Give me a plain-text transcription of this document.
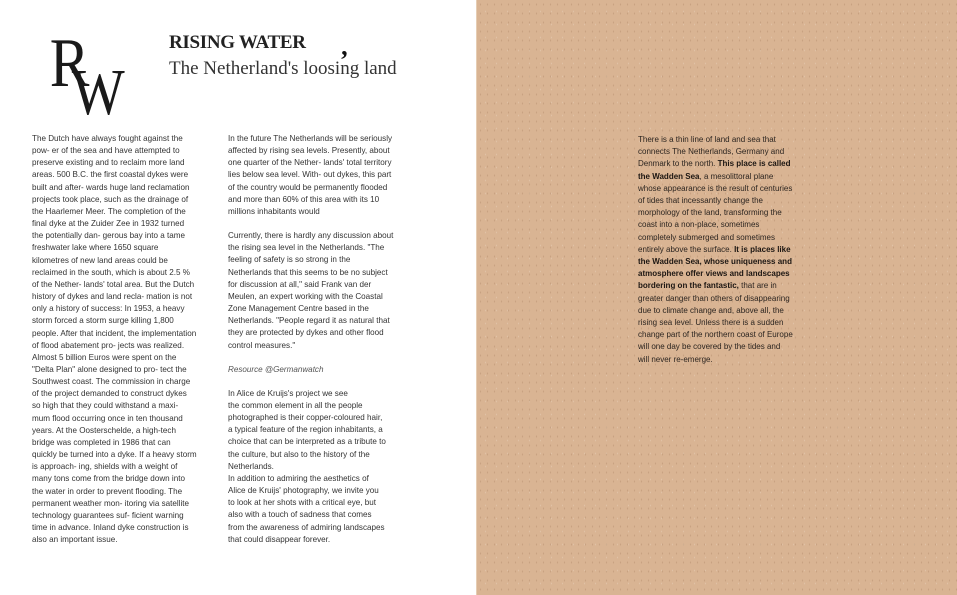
R
W
RISING WATER ‚
The Netherland's loosing land

The Dutch have always fought against the
pow- er of the sea and have attempted to
preserve existing and to reclaim more land
areas. 500 B.C. the first coastal dykes were
built and after- wards huge land reclamation
projects took place, such as the drainage of
the Haarlemer Meer. The completion of the
final dyke at the Zuider Zee in 1932 turned
the potentially dan- gerous bay into a tame
freshwater lake where 1650 square
kilometres of new land areas could be
reclaimed in the south, which is about 2.5 %
of the Nether- lands' total area. But the Dutch
history of dykes and land recla- mation is not
only a history of success: In 1953, a heavy
storm forced a storm surge killing 1,800
people. After that incident, the implementation
of flood abatement pro- jects was realized.
Almost 5 billion Euros were spent on the
"Delta Plan" alone designed to pro- tect the
Southwest coast. The commission in charge
of the project demanded to construct dykes
so high that they could withstand a maxi-
mum flood occurring once in ten thousand
years. At the Oosterschelde, a high-tech
bridge was completed in 1986 that can
quickly be turned into a dyke. If a heavy storm
is approach- ing, shields with a weight of
many tons come from the bridge down into
the water in order to prevent flooding. The
permanent weather mon- itoring via satellite
technology guarantees suf- ficient warning
time in advance. Inland dyke construction is
also an important issue.

In the future The Netherlands will be seriously
affected by rising sea levels. Presently, about
one quarter of the Nether- lands' total territory
lies below sea level. With- out dykes, this part
of the country would be permanently flooded
and more than 60% of this area with its 10
millions inhabitants would

Currently, there is hardly any discussion about
the rising sea level in the Netherlands. "The
feeling of safety is so strong in the
Netherlands that this seems to be no subject
for discussion at all," said Frank van der
Meulen, an expert working with the Coastal
Zone Management Centre based in the
Netherlands. "People regard it as natural that
they are protected by dykes and other flood
control measures."

Resource @Germanwatch

In Alice de Kruijs's project we see
the common element in all the people
photographed is their copper-coloured hair,
a typical feature of the region inhabitants, a
choice that can be interpreted as a tribute to
the culture, but also to the history of the
Netherlands.

In addition to admiring the aesthetics of
Alice de Kruijs' photography, we invite you
to look at her shots with a critical eye, but
also with a touch of sadness that comes
from the awareness of admiring landscapes
that could disappear forever.

There is a thin line of land and sea that
connects The Netherlands, Germany and
Denmark to the north. This place is called
the Wadden Sea, a mesolittoral plane
whose appearance is the result of centuries
of tides that incessantly change the
morphology of the land, transforming the
coast into a non-place, sometimes
completely submerged and sometimes
entirely above the surface. It is places like
the Wadden Sea, whose uniqueness and
atmosphere offer views and landscapes
bordering on the fantastic, that are in
greater danger than others of disappearing
due to climate change and, above all, the
rising sea level. Unless there is a sudden
change part of the northern coast of Europe
will one day be covered by the tides and
will never re-emerge.
